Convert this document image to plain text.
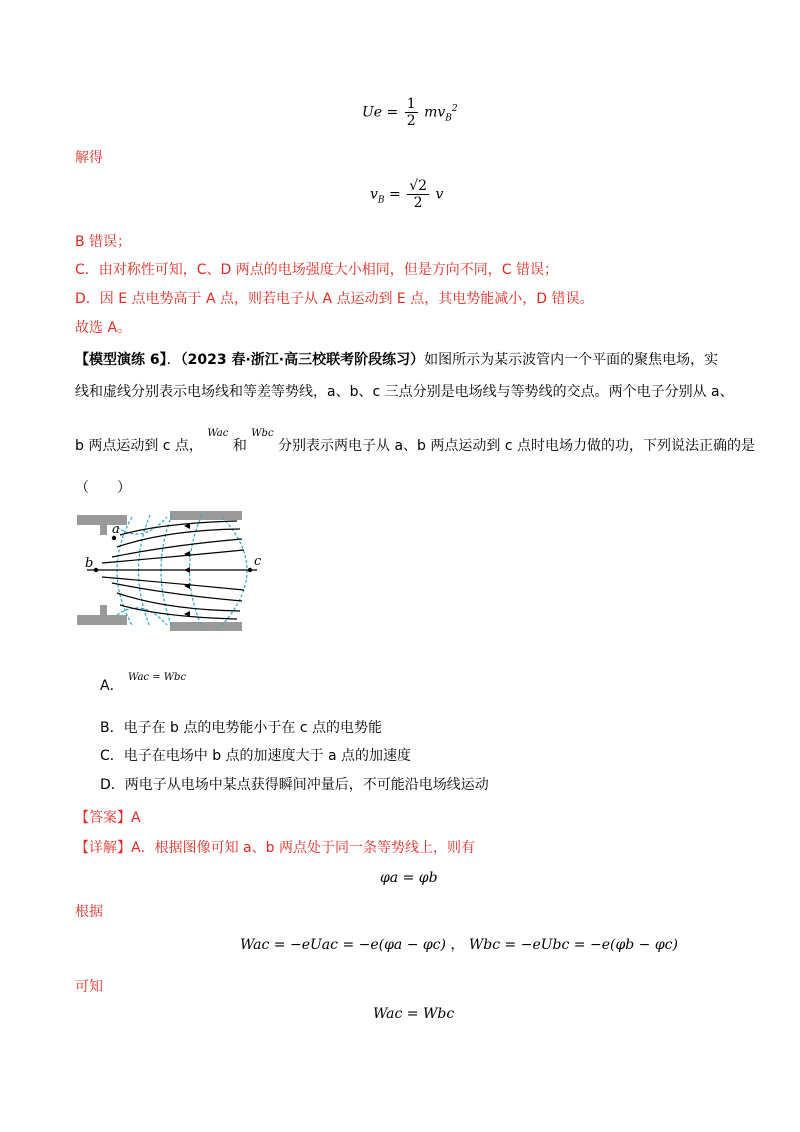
$Ue = \frac{1}{2} mv_B^2$
解得
$v_B = \frac{√2}{2}$ v
B 错误；
C．由对称性可知，C、D 两点的电场强度大小相同，但是方向不同，C 错误；
D．因 E 点电势高于 A 点，则若电子从 A 点运动到 E 点，其电势能减小，D 错误。
故选 A。
【模型演练 6】．（2023 春·浙江·高三校联考阶段练习）如图所示为某示波管内一个平面的聚焦电场，实
线和虚线分别表示电场线和等差等势线，a、b、c 三点分别是电场线与等势线的交点。两个电子分别从 a、
b 两点运动到 c 点， $^{Wac}$ 和 $^{Wbc}$ 分别表示两电子从 a、b 两点运动到 c 点时电场力做的功，下列说法正确的是
（　　）
a
b	c
A． Wac = Wbc
B．电子在 b 点的电势能小于在 c 点的电势能
C．电子在电场中 b 点的加速度大于 a 点的加速度
D．两电子从电场中某点获得瞬间冲量后，不可能沿电场线运动
【答案】A
【详解】A．根据图像可知 a、b 两点处于同一条等势线上，则有
φa = φb
根据
Wac = −eUac = −e(φa − φc) ， Wbc = −eUbc = −e(φb − φc)
可知
Wac = Wbc
